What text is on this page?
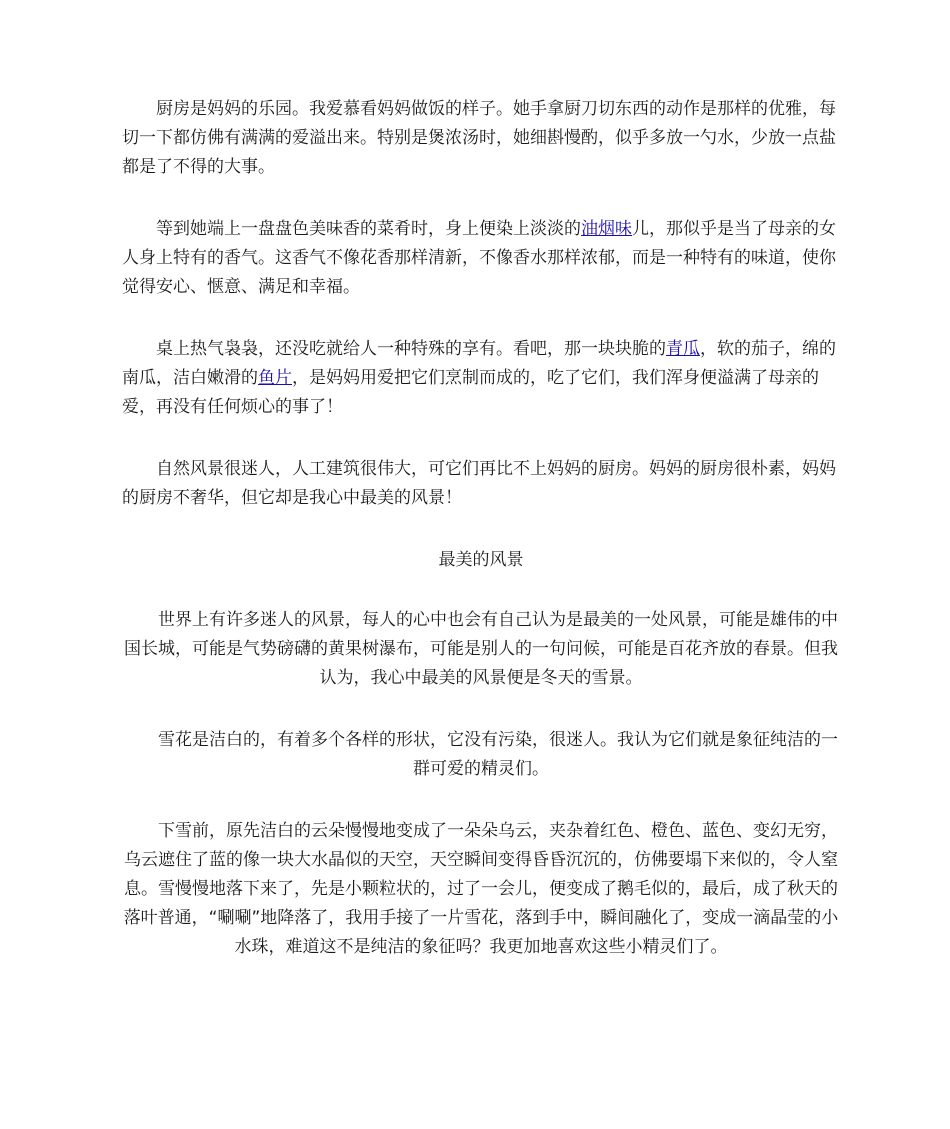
厨房是妈妈的乐园。我爱慕看妈妈做饭的样子。她手拿厨刀切东西的动作是那样的优雅，每切一下都仿佛有满满的爱溢出来。特别是煲浓汤时，她细斟慢酌，似乎多放一勺水，少放一点盐都是了不得的大事。

等到她端上一盘盘色美味香的菜肴时，身上便染上淡淡的油烟味儿，那似乎是当了母亲的女人身上特有的香气。这香气不像花香那样清新，不像香水那样浓郁，而是一种特有的味道，使你觉得安心、惬意、满足和幸福。

桌上热气袅袅，还没吃就给人一种特殊的享有。看吧，那一块块脆的青瓜，软的茄子，绵的南瓜，洁白嫩滑的鱼片，是妈妈用爱把它们烹制而成的，吃了它们，我们浑身便溢满了母亲的爱，再没有任何烦心的事了！

自然风景很迷人，人工建筑很伟大，可它们再比不上妈妈的厨房。妈妈的厨房很朴素，妈妈的厨房不奢华，但它却是我心中最美的风景！

最美的风景

世界上有许多迷人的风景，每人的心中也会有自己认为是最美的一处风景，可能是雄伟的中国长城，可能是气势磅礴的黄果树瀑布，可能是别人的一句问候，可能是百花齐放的春景。但我认为，我心中最美的风景便是冬天的雪景。

雪花是洁白的，有着多个各样的形状，它没有污染，很迷人。我认为它们就是象征纯洁的一群可爱的精灵们。

下雪前，原先洁白的云朵慢慢地变成了一朵朵乌云，夹杂着红色、橙色、蓝色、变幻无穷，乌云遮住了蓝的像一块大水晶似的天空，天空瞬间变得昏昏沉沉的，仿佛要塌下来似的，令人窒息。雪慢慢地落下来了，先是小颗粒状的，过了一会儿，便变成了鹅毛似的，最后，成了秋天的落叶普通，“唰唰”地降落了，我用手接了一片雪花，落到手中，瞬间融化了，变成一滴晶莹的小水珠，难道这不是纯洁的象征吗？我更加地喜欢这些小精灵们了。
